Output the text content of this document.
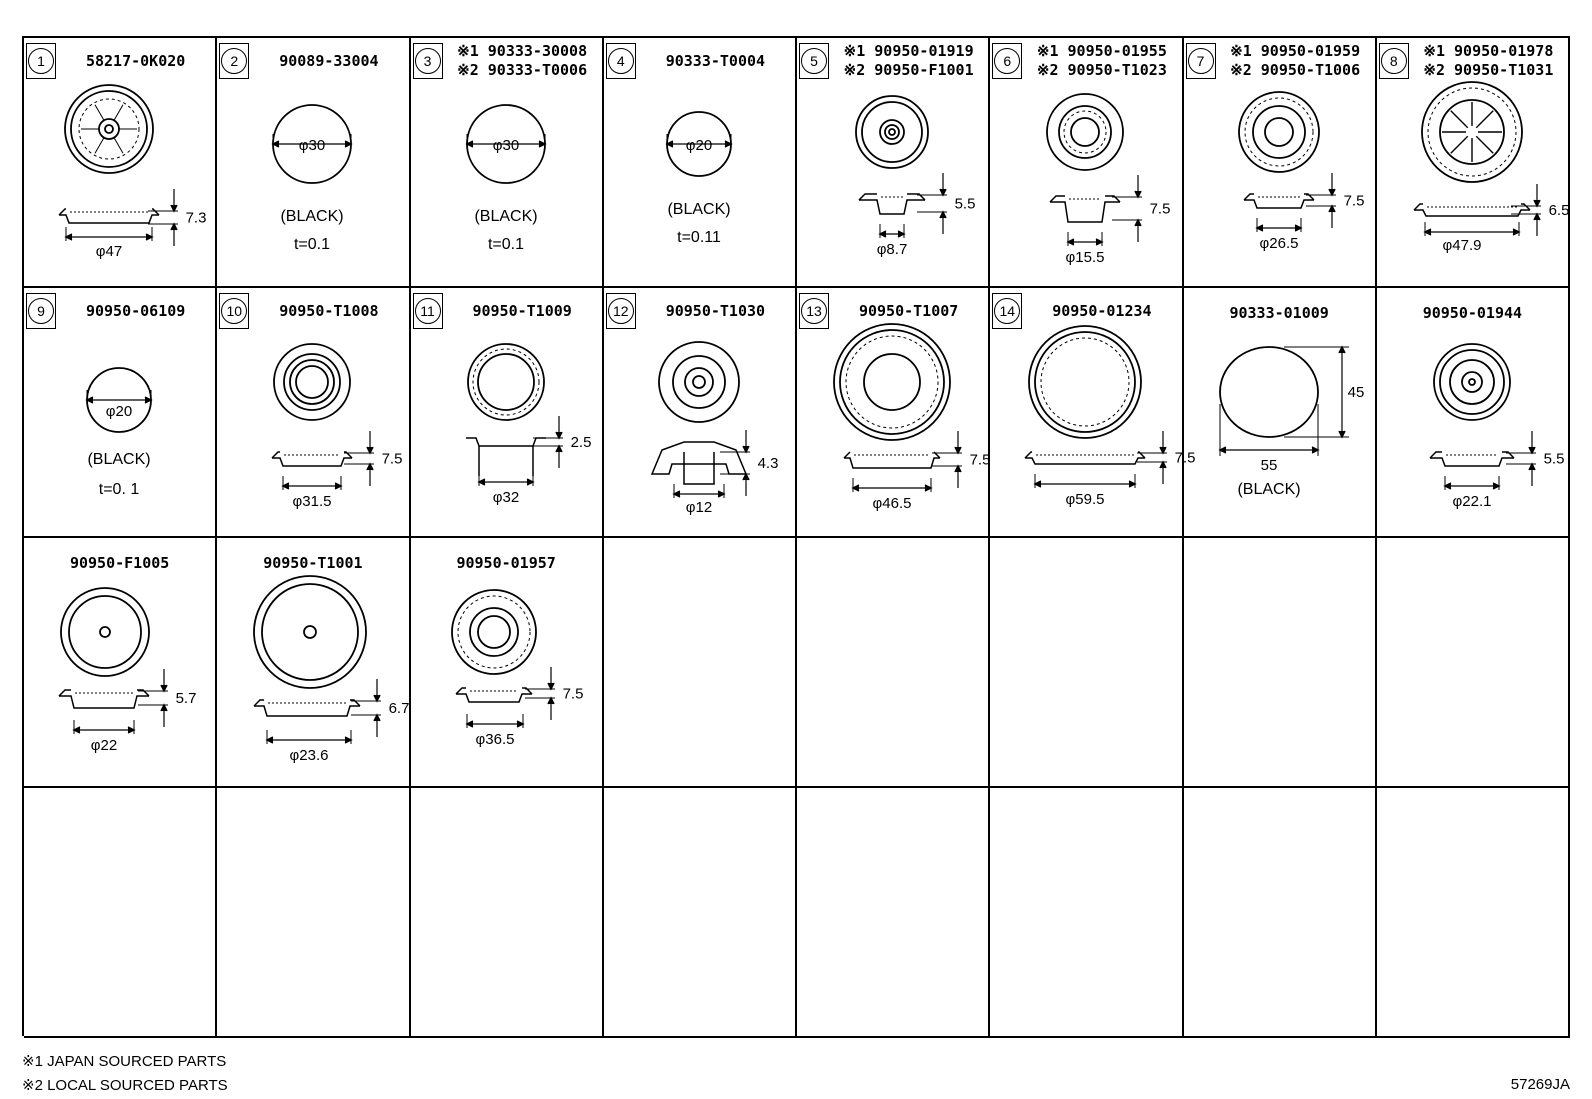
1	58217-0K020
7.3
φ47
2	90089-33004
φ30
(BLACK)
t=0.1
3
※1 90333-30008
※2 90333-T0006
φ30
(BLACK)
t=0.1
4	90333-T0004
φ20
(BLACK)
t=0.11
5
※1 90950-01919
※2 90950-F1001
5.5
φ8.7
6
※1 90950-01955
※2 90950-T1023
7.5
φ15.5
7
※1 90950-01959
※2 90950-T1006
7.5
φ26.5
8
※1 90950-01978
※2 90950-T1031
6.5
φ47.9
9	90950-06109
φ20
(BLACK)
t=0. 1
10	90950-T1008
7.5
φ31.5
11	90950-T1009
2.5
φ32
12	90950-T1030
4.3
φ12
13	90950-T1007
7.5
φ46.5
14	90950-01234
7.5
φ59.5
90333-01009
45
55
(BLACK)
90950-01944
5.5
φ22.1
90950-F1005
5.7
φ22
90950-T1001
6.7
φ23.6
90950-01957
7.5
φ36.5
※1 JAPAN SOURCED PARTS
※2 LOCAL SOURCED PARTS	57269JA
